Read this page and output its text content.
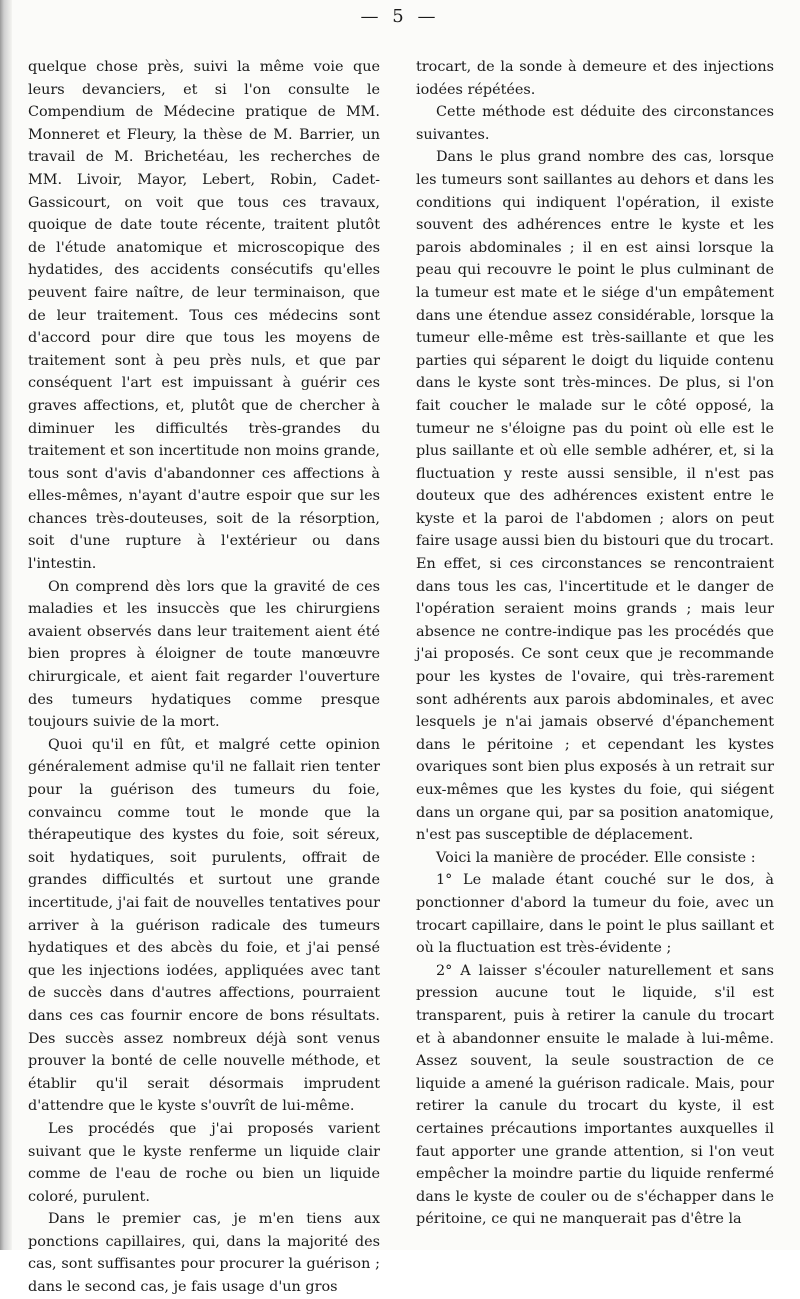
— 5 —

quelque chose près, suivi la même voie que leurs devanciers, et si l'on consulte le Compendium de Médecine pratique de MM. Monneret et Fleury, la thèse de M. Barrier, un travail de M. Brichetéau, les recherches de MM. Livoir, Mayor, Lebert, Robin, Cadet-Gassicourt, on voit que tous ces travaux, quoique de date toute récente, traitent plutôt de l'étude anatomique et microscopique des hydatides, des accidents consécutifs qu'elles peuvent faire naître, de leur terminaison, que de leur traitement. Tous ces médecins sont d'accord pour dire que tous les moyens de traitement sont à peu près nuls, et que par conséquent l'art est impuissant à guérir ces graves affections, et, plutôt que de chercher à diminuer les difficultés très-grandes du traitement et son incertitude non moins grande, tous sont d'avis d'abandonner ces affections à elles-mêmes, n'ayant d'autre espoir que sur les chances très-douteuses, soit de la résorption, soit d'une rupture à l'extérieur ou dans l'intestin.

On comprend dès lors que la gravité de ces maladies et les insuccès que les chirurgiens avaient observés dans leur traitement aient été bien propres à éloigner de toute manœuvre chirurgicale, et aient fait regarder l'ouverture des tumeurs hydatiques comme presque toujours suivie de la mort.

Quoi qu'il en fût, et malgré cette opinion généralement admise qu'il ne fallait rien tenter pour la guérison des tumeurs du foie, convaincu comme tout le monde que la thérapeutique des kystes du foie, soit séreux, soit hydatiques, soit purulents, offrait de grandes difficultés et surtout une grande incertitude, j'ai fait de nouvelles tentatives pour arriver à la guérison radicale des tumeurs hydatiques et des abcès du foie, et j'ai pensé que les injections iodées, appliquées avec tant de succès dans d'autres affections, pourraient dans ces cas fournir encore de bons résultats. Des succès assez nombreux déjà sont venus prouver la bonté de celle nouvelle méthode, et établir qu'il serait désormais imprudent d'attendre que le kyste s'ouvrît de lui-même.

Les procédés que j'ai proposés varient suivant que le kyste renferme un liquide clair comme de l'eau de roche ou bien un liquide coloré, purulent.

Dans le premier cas, je m'en tiens aux ponctions capillaires, qui, dans la majorité des cas, sont suffisantes pour procurer la guérison ; dans le second cas, je fais usage d'un gros

trocart, de la sonde à demeure et des injections iodées répétées.

Cette méthode est déduite des circonstances suivantes.

Dans le plus grand nombre des cas, lorsque les tumeurs sont saillantes au dehors et dans les conditions qui indiquent l'opération, il existe souvent des adhérences entre le kyste et les parois abdominales ; il en est ainsi lorsque la peau qui recouvre le point le plus culminant de la tumeur est mate et le siége d'un empâtement dans une étendue assez considérable, lorsque la tumeur elle-même est très-saillante et que les parties qui séparent le doigt du liquide contenu dans le kyste sont très-minces. De plus, si l'on fait coucher le malade sur le côté opposé, la tumeur ne s'éloigne pas du point où elle est le plus saillante et où elle semble adhérer, et, si la fluctuation y reste aussi sensible, il n'est pas douteux que des adhérences existent entre le kyste et la paroi de l'abdomen ; alors on peut faire usage aussi bien du bistouri que du trocart. En effet, si ces circonstances se rencontraient dans tous les cas, l'incertitude et le danger de l'opération seraient moins grands ; mais leur absence ne contre-indique pas les procédés que j'ai proposés. Ce sont ceux que je recommande pour les kystes de l'ovaire, qui très-rarement sont adhérents aux parois abdominales, et avec lesquels je n'ai jamais observé d'épanchement dans le péritoine ; et cependant les kystes ovariques sont bien plus exposés à un retrait sur eux-mêmes que les kystes du foie, qui siégent dans un organe qui, par sa position anatomique, n'est pas susceptible de déplacement.

Voici la manière de procéder. Elle consiste :

1° Le malade étant couché sur le dos, à ponctionner d'abord la tumeur du foie, avec un trocart capillaire, dans le point le plus saillant et où la fluctuation est très-évidente ;

2° A laisser s'écouler naturellement et sans pression aucune tout le liquide, s'il est transparent, puis à retirer la canule du trocart et à abandonner ensuite le malade à lui-même. Assez souvent, la seule soustraction de ce liquide a amené la guérison radicale. Mais, pour retirer la canule du trocart du kyste, il est certaines précautions importantes auxquelles il faut apporter une grande attention, si l'on veut empêcher la moindre partie du liquide renfermé dans le kyste de couler ou de s'échapper dans le péritoine, ce qui ne manquerait pas d'être la
